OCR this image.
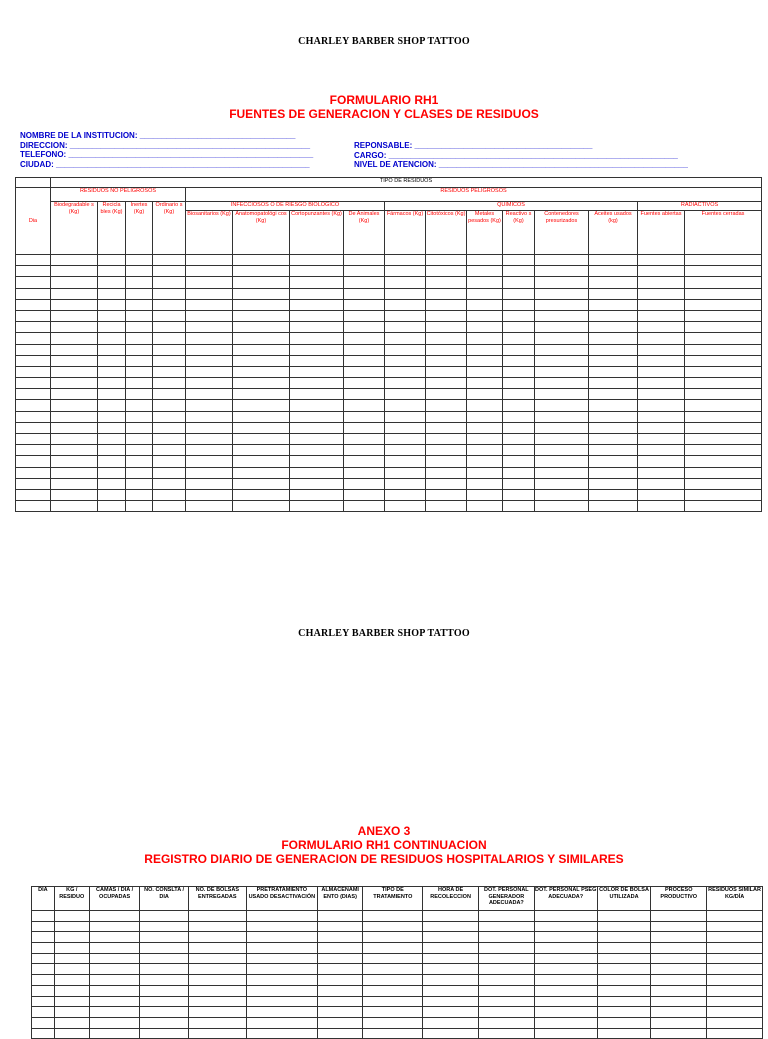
CHARLEY BARBER SHOP TATTOO
FORMULARIO RH1
FUENTES DE GENERACION Y CLASES DE RESIDUOS
NOMBRE DE LA INSTITUCION: ___________________________________
DIRECCION: ______________________________________________________
TELEFONO: _______________________________________________________
CIUDAD: _________________________________________________________
REPONSABLE: ________________________________________
CARGO: _________________________________________________________________
NIVEL DE ATENCION: ________________________________________________________
	TIPO DE RESIDUOS															
Dia	RESIDUOS NO PELIGROSOS				RESIDUOS PELIGROSOS											
	Biodegradable s (Kg)	Recicla bles (Kg)	Inertes (Kg)	Ordinario s (Kg)	INFECCIOSOS O DE RIESGO BIOLOGICO				QUIMICOS						RADIACTIVOS	
					Biosanitarios (Kg)	Anatomopatológi cos (Kg)	Cortopunzantes (Kg)	De Animales (Kg)	Fármacos (Kg)	Citotóxicos (Kg)	Metales pesados (Kg)	Reactivo s (Kg)	Contenedores presurizados	Aceites usados (kg)	Fuentes abiertas	Fuentes cerradas

CHARLEY BARBER SHOP TATTOO
ANEXO 3
FORMULARIO RH1 CONTINUACION
REGISTRO DIARIO DE GENERACION DE RESIDUOS HOSPITALARIOS Y SIMILARES
DIA	KG / RESIDUO	CAMAS / DIA / OCUPADAS	NO. CONSLTA / DIA	NO. DE BOLSAS ENTREGADAS	PRETRATAMIENTO USADO DESACTIVACIÓN	ALMACENAMI ENTO (DIAS)	TIPO DE TRATAMIENTO	HORA DE RECOLECCION	DOT. PERSONAL GENERADOR ADECUADA?	DOT. PERSONAL PSEG ADECUADA?	COLOR DE BOLSA UTILIZADA	PROCESO PRODUCTIVO	RESIDUOS SIMILAR KG/DÍA
